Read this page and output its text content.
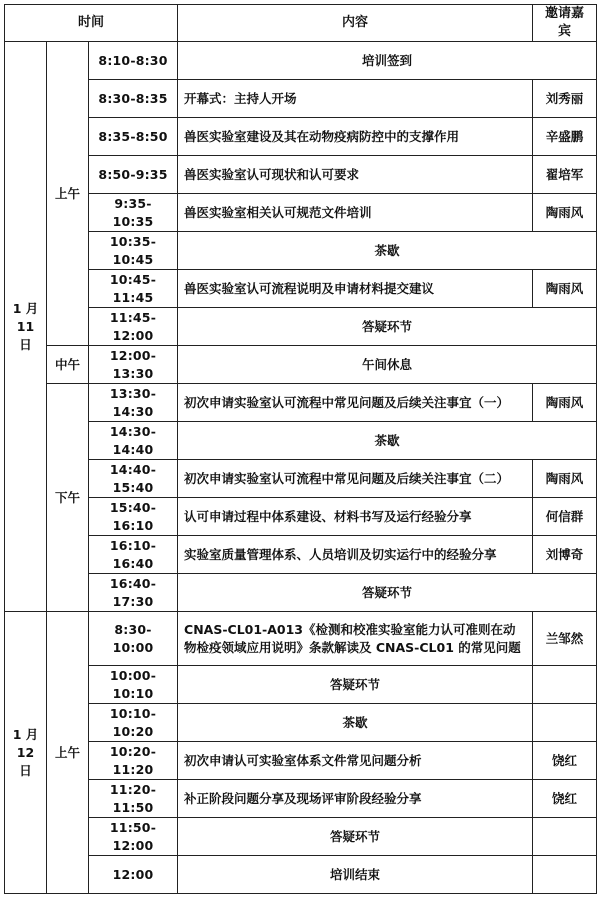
时间			内容	邀请嘉宾

1 月
11 日	上午	8:10-8:30	培训签到	
		8:30-8:35	开幕式：主持人开场	刘秀丽
		8:35-8:50	兽医实验室建设及其在动物疫病防控中的支撑作用	辛盛鹏
		8:50-9:35	兽医实验室认可现状和认可要求	翟培军
		9:35-10:35	兽医实验室相关认可规范文件培训	陶雨风
		10:35-10:45	茶歇	
		10:45-11:45	兽医实验室认可流程说明及申请材料提交建议	陶雨风
		11:45-12:00	答疑环节	
	中午	12:00-13:30	午间休息	
	下午	13:30-14:30	初次申请实验室认可流程中常见问题及后续关注事宜（一）	陶雨风
		14:30-14:40	茶歇	
		14:40-15:40	初次申请实验室认可流程中常见问题及后续关注事宜（二）	陶雨风
		15:40-16:10	认可申请过程中体系建设、材料书写及运行经验分享	何信群
		16:10-16:40	实验室质量管理体系、人员培训及切实运行中的经验分享	刘博奇
		16:40-17:30	答疑环节	

1 月
12 日	上午	8:30-10:00	CNAS-CL01-A013《检测和校准实验室能力认可准则在动物检疫领域应用说明》条款解读及 CNAS-CL01 的常见问题	兰邹然
		10:00-10:10	答疑环节	
		10:10-10:20	茶歇	
		10:20-11:20	初次申请认可实验室体系文件常见问题分析	饶红
		11:20-11:50	补正阶段问题分享及现场评审阶段经验分享	饶红
		11:50-12:00	答疑环节	
		12:00	培训结束	
